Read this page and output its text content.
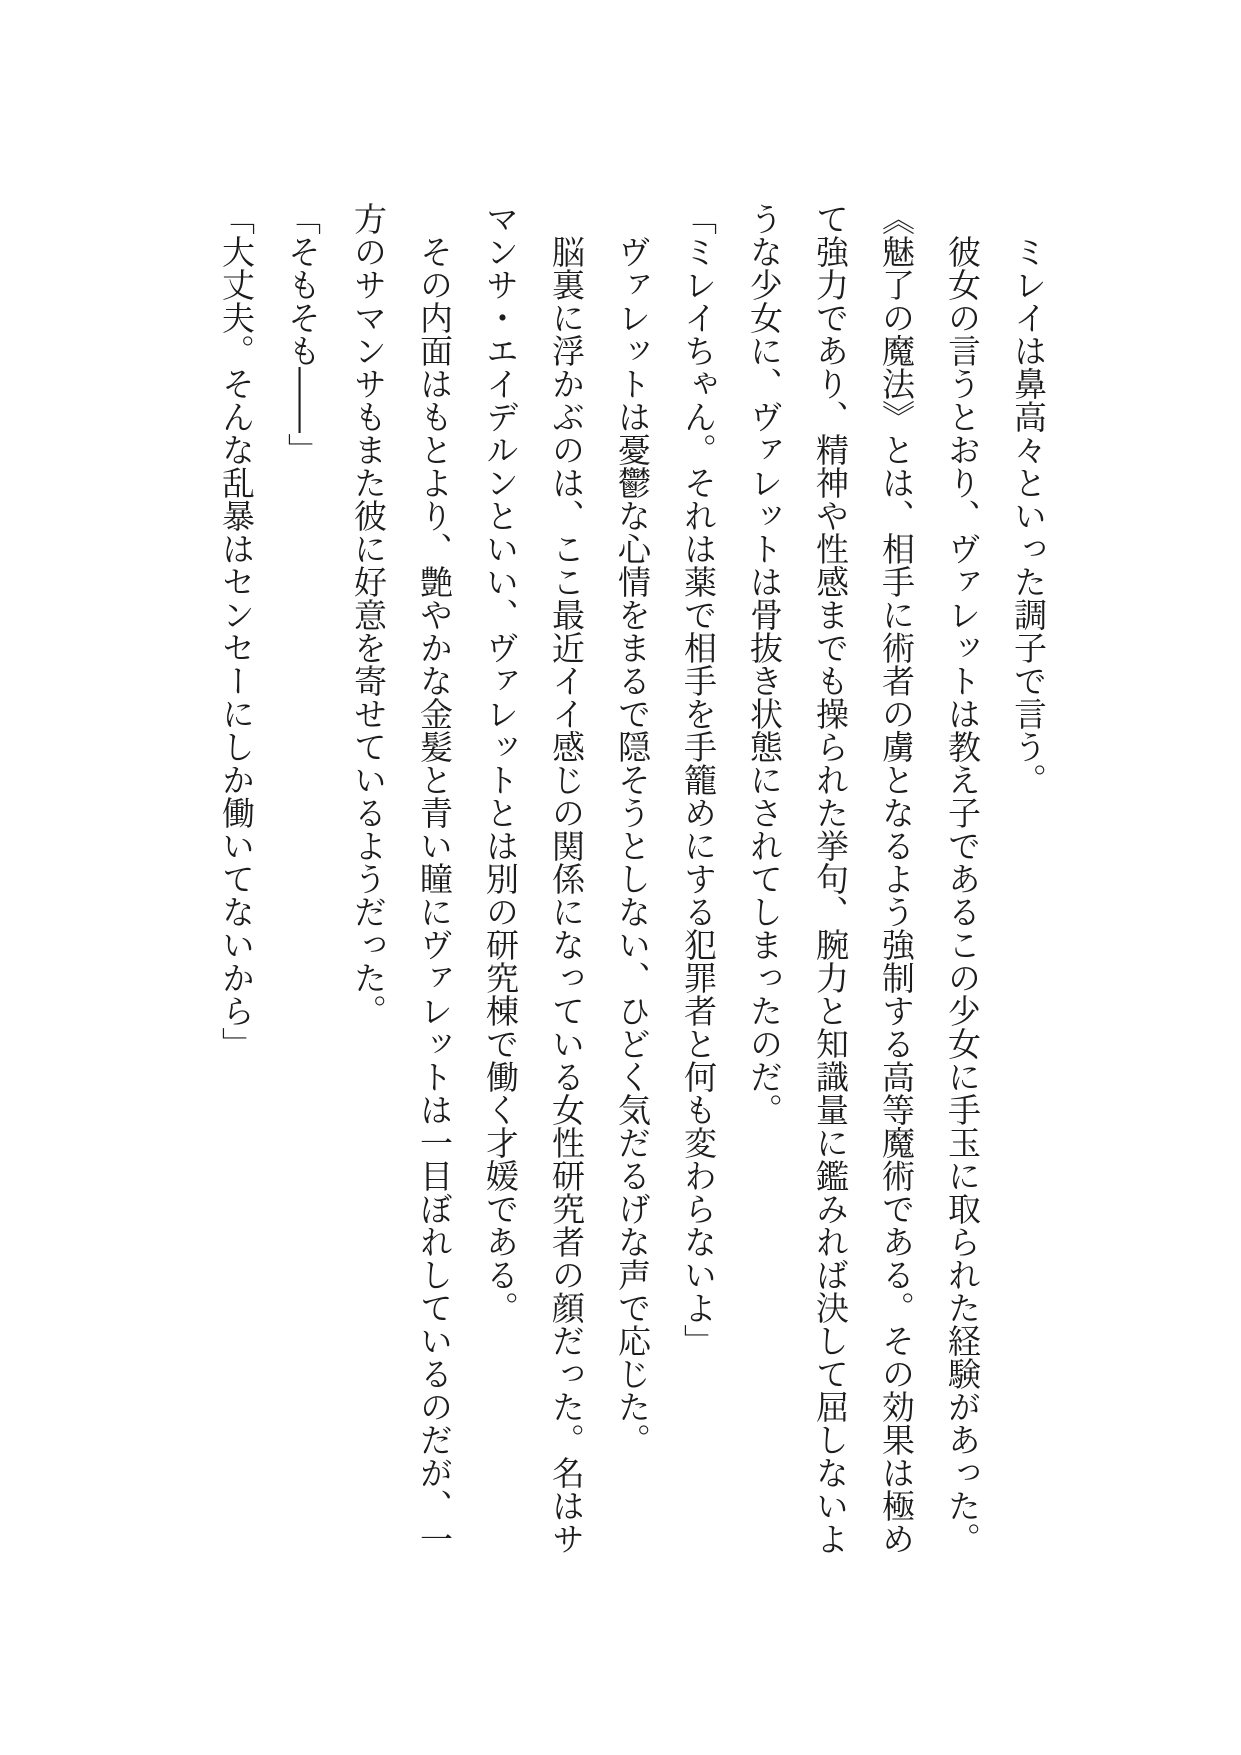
ミレイは鼻高々といった調子で言う。

彼女の言うとおり、ヴァレットは教え子であるこの少女に手玉に取られた経験があった。

《魅了の魔法》とは、相手に術者の虜となるよう強制する高等魔術である。その効果は極めて強力であり、精神や性感までも操られた挙句、腕力と知識量に鑑みれば決して屈しないような少女に、ヴァレットは骨抜き状態にされてしまったのだ。

「ミレイちゃん。それは薬で相手を手籠めにする犯罪者と何も変わらないよ」

ヴァレットは憂鬱な心情をまるで隠そうとしない、ひどく気だるげな声で応じた。

脳裏に浮かぶのは、ここ最近イイ感じの関係になっている女性研究者の顔だった。名はサマンサ・エイデルンといい、ヴァレットとは別の研究棟で働く才媛である。

その内面はもとより、艶やかな金髪と青い瞳にヴァレットは一目ぼれしているのだが、一方のサマンサもまた彼に好意を寄せているようだった。

「そもそも――」

「大丈夫。そんな乱暴はセンセーにしか働いてないから」
